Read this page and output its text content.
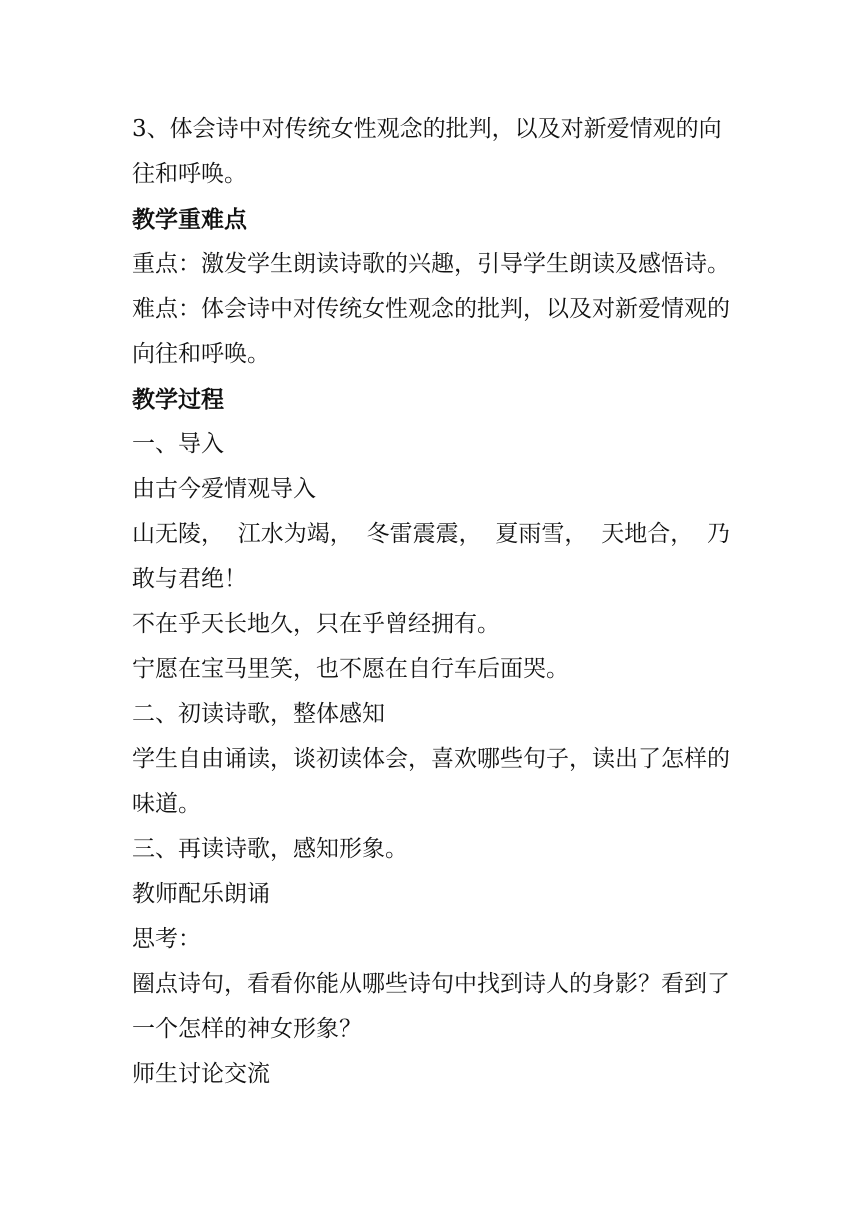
3、体会诗中对传统女性观念的批判，以及对新爱情观的向
往和呼唤。
教学重难点
重点：激发学生朗读诗歌的兴趣，引导学生朗读及感悟诗。
难点：体会诗中对传统女性观念的批判，以及对新爱情观的
向往和呼唤。
教学过程
一、导入
由古今爱情观导入
山无陵， 江水为竭， 冬雷震震， 夏雨雪， 天地合， 乃
敢与君绝！
不在乎天长地久，只在乎曾经拥有。
宁愿在宝马里笑，也不愿在自行车后面哭。
二、初读诗歌，整体感知
学生自由诵读，谈初读体会，喜欢哪些句子，读出了怎样的
味道。
三、再读诗歌，感知形象。
教师配乐朗诵
思考：
圈点诗句，看看你能从哪些诗句中找到诗人的身影？看到了
一个怎样的神女形象？
师生讨论交流
